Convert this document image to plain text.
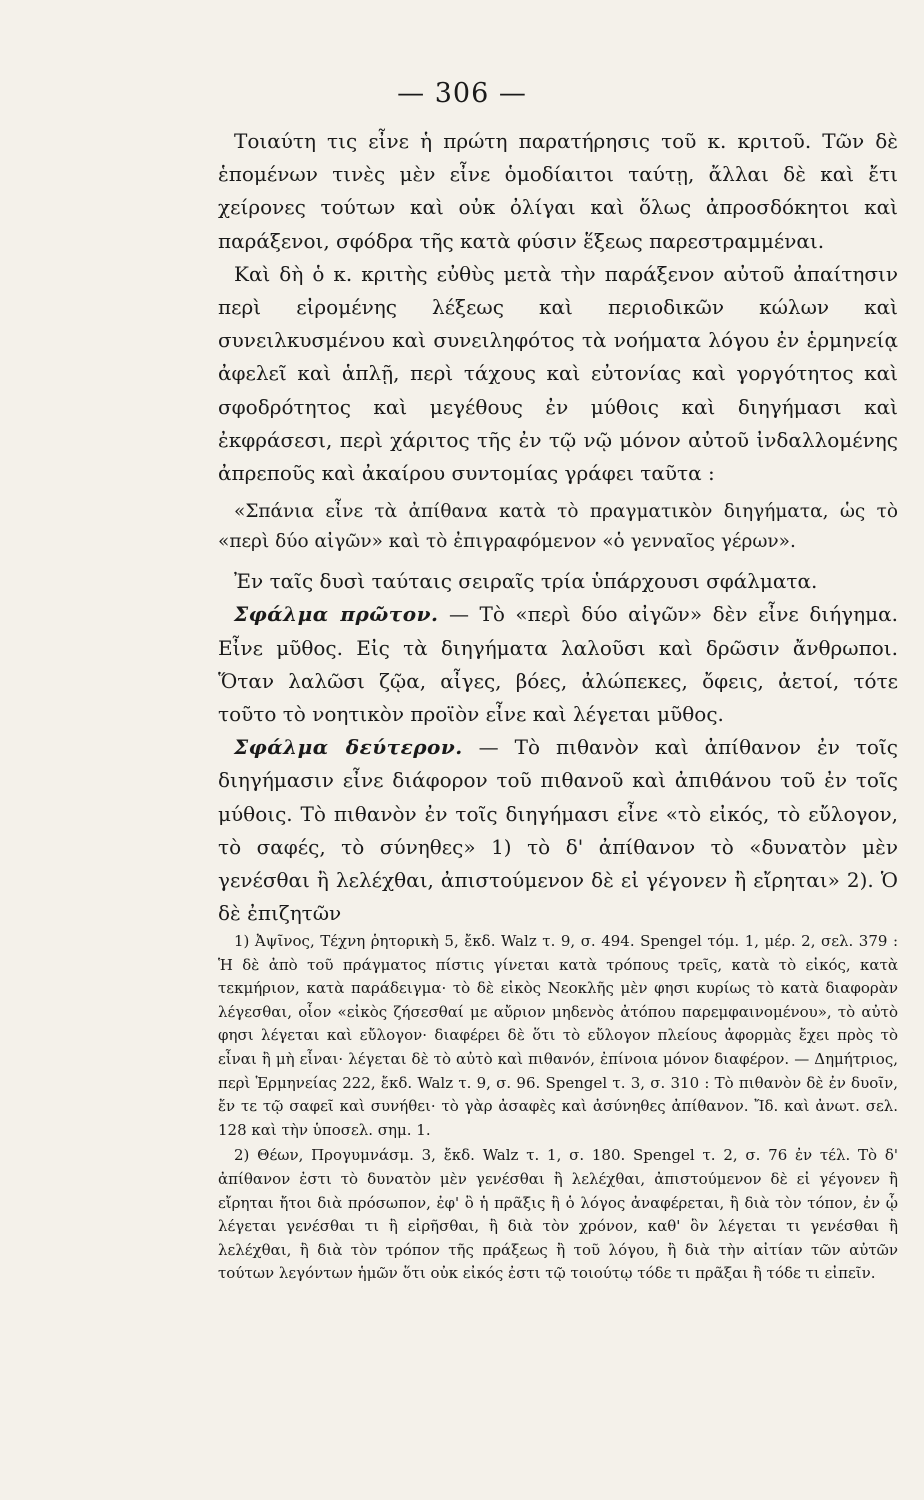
— 306 —

Τοιαύτη τις εἶνε ἡ πρώτη παρατήρησις τοῦ κ. κριτοῦ. Τῶν δὲ ἑπομένων τινὲς μὲν εἶνε ὁμοδίαιτοι ταύτῃ, ἄλλαι δὲ καὶ ἔτι χείρονες τούτων καὶ οὐκ ὀλίγαι καὶ ὅλως ἀπροσδόκητοι καὶ παράξενοι, σφόδρα τῆς κατὰ φύσιν ἕξεως παρεστραμμέναι.

Καὶ δὴ ὁ κ. κριτὴς εὐθὺς μετὰ τὴν παράξενον αὐτοῦ ἀπαίτησιν περὶ εἰρομένης λέξεως καὶ περιοδικῶν κώλων καὶ συνειλκυσμένου καὶ συνειληφότος τὰ νοήματα λόγου ἐν ἑρμηνείᾳ ἀφελεῖ καὶ ἁπλῇ, περὶ τάχους καὶ εὐτονίας καὶ γοργότητος καὶ σφοδρότητος καὶ μεγέθους ἐν μύθοις καὶ διηγήμασι καὶ ἐκφράσεσι, περὶ χάριτος τῆς ἐν τῷ νῷ μόνον αὐτοῦ ἰνδαλλομένης ἀπρεποῦς καὶ ἀκαίρου συντομίας γράφει ταῦτα :

«Σπάνια εἶνε τὰ ἀπίθανα κατὰ τὸ πραγματικὸν διηγήματα, ὡς τὸ «περὶ δύο αἰγῶν» καὶ τὸ ἐπιγραφόμενον «ὁ γενναῖος γέρων».

Ἐν ταῖς δυσὶ ταύταις σειραῖς τρία ὑπάρχουσι σφάλματα.

Σφάλμα πρῶτον. — Τὸ «περὶ δύο αἰγῶν» δὲν εἶνε διήγημα. Εἶνε μῦθος. Εἰς τὰ διηγήματα λαλοῦσι καὶ δρῶσιν ἄνθρωποι. Ὅταν λαλῶσι ζῷα, αἶγες, βόες, ἀλώπεκες, ὄφεις, ἀετοί, τότε τοῦτο τὸ νοητικὸν προϊὸν εἶνε καὶ λέγεται μῦθος.

Σφάλμα δεύτερον. — Τὸ πιθανὸν καὶ ἀπίθανον ἐν τοῖς διηγήμασιν εἶνε διάφορον τοῦ πιθανοῦ καὶ ἀπιθάνου τοῦ ἐν τοῖς μύθοις. Τὸ πιθανὸν ἐν τοῖς διηγήμασι εἶνε «τὸ εἰκός, τὸ εὔλογον, τὸ σαφές, τὸ σύνηθες» 1) τὸ δ' ἀπίθανον τὸ «δυνατὸν μὲν γενέσθαι ἢ λελέχθαι, ἀπιστούμενον δὲ εἰ γέγονεν ἢ εἴρηται» 2). Ὁ δὲ ἐπιζητῶν

1) Ἀψῖνος, Τέχνη ῥητορικὴ 5, ἔκδ. Walz τ. 9, σ. 494. Spengel τόμ. 1, μέρ. 2, σελ. 379 : Ἡ δὲ ἀπὸ τοῦ πράγματος πίστις γίνεται κατὰ τρόπους τρεῖς, κατὰ τὸ εἰκός, κατὰ τεκμήριον, κατὰ παράδειγμα· τὸ δὲ εἰκὸς Νεοκλῆς μὲν φησι κυρίως τὸ κατὰ διαφορὰν λέγεσθαι, οἷον «εἰκὸς ζήσεσθαί με αὔριον μηδενὸς ἀτόπου παρεμφαινομένου», τὸ αὐτὸ φησι λέγεται καὶ εὔλογον· διαφέρει δὲ ὅτι τὸ εὔλογον πλείους ἀφορμὰς ἔχει πρὸς τὸ εἶναι ἢ μὴ εἶναι· λέγεται δὲ τὸ αὐτὸ καὶ πιθανόν, ἐπίνοια μόνον διαφέρον. — Δημήτριος, περὶ Ἑρμηνείας 222, ἔκδ. Walz τ. 9, σ. 96. Spengel τ. 3, σ. 310 : Τὸ πιθανὸν δὲ ἐν δυοῖν, ἔν τε τῷ σαφεῖ καὶ συνήθει· τὸ γὰρ ἀσαφὲς καὶ ἀσύνηθες ἀπίθανον. Ἴδ. καὶ ἀνωτ. σελ. 128 καὶ τὴν ὑποσελ. σημ. 1.

2) Θέων, Προγυμνάσμ. 3, ἔκδ. Walz τ. 1, σ. 180. Spengel τ. 2, σ. 76 ἐν τέλ. Τὸ δ' ἀπίθανον ἐστι τὸ δυνατὸν μὲν γενέσθαι ἢ λελέχθαι, ἀπιστούμενον δὲ εἰ γέγονεν ἢ εἴρηται ἤτοι διὰ πρόσωπον, ἐφ' ὃ ἡ πρᾶξις ἢ ὁ λόγος ἀναφέρεται, ἢ διὰ τὸν τόπον, ἐν ᾧ λέγεται γενέσθαι τι ἢ εἰρῆσθαι, ἢ διὰ τὸν χρόνον, καθ' ὃν λέγεται τι γενέσθαι ἢ λελέχθαι, ἢ διὰ τὸν τρόπον τῆς πράξεως ἢ τοῦ λόγου, ἢ διὰ τὴν αἰτίαν τῶν αὐτῶν τούτων λεγόντων ἡμῶν ὅτι οὐκ εἰκός ἐστι τῷ τοιούτῳ τόδε τι πρᾶξαι ἢ τόδε τι εἰπεῖν.
